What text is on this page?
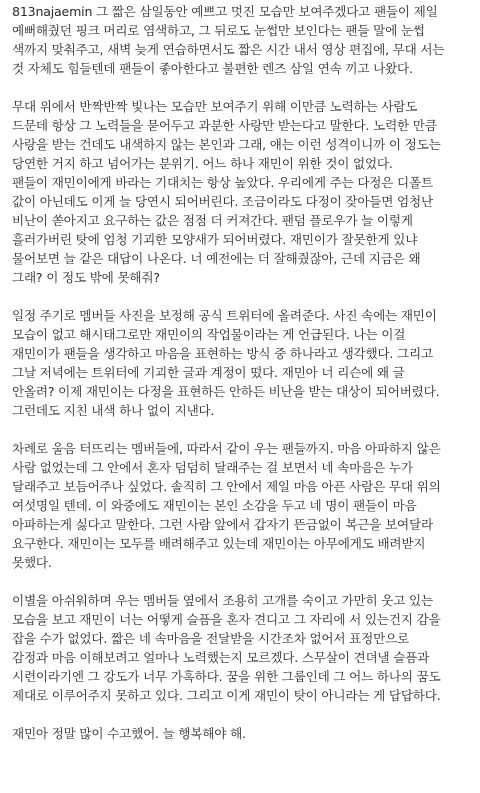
813najaemin 그 짧은 삼일동안 예쁘고 멋진 모습만 보여주겠다고 팬들이 제일
예뻐해줬던 핑크 머리로 염색하고, 그 뒤로도 눈썹만 보인다는 팬들 말에 눈썹
색까지 맞춰주고, 새벽 늦게 연습하면서도 짧은 시간 내서 영상 편집에, 무대 서는
것 자체도 힘들텐데 팬들이 좋아한다고 불편한 렌즈 삼일 연속 끼고 나왔다.
무대 위에서 반짝반짝 빛나는 모습만 보여주기 위해 이만큼 노력하는 사람도
드문데 항상 그 노력들을 묻어두고 과분한 사랑만 받는다고 말한다. 노력한 만큼
사랑을 받는 건데도 내색하지 않는 본인과 그래, 얘는 이런 성격이니까 이 정도는
당연한 거지 하고 넘어가는 분위기. 어느 하나 재민이 위한 것이 없었다.
팬들이 재민이에게 바라는 기대치는 항상 높았다. 우리에게 주는 다정은 디폴트
값이 아닌데도 이게 늘 당연시 되어버린다. 조금이라도 다정이 잦아들면 엄청난
비난이 쏟아지고 요구하는 값은 점점 더 커져간다. 팬덤 플로우가 늘 이렇게
흘러가버린 탓에 엄청 기괴한 모양새가 되어버렸다. 재민이가 잘못한게 있냐
물어보면 늘 같은 대답이 나온다. 너 예전에는 더 잘해줬잖아, 근데 지금은 왜
그래? 이 정도 밖에 못해줘?
일정 주기로 멤버들 사진을 보정해 공식 트위터에 올려준다. 사진 속에는 재민이
모습이 없고 해시태그로만 재민이의 작업물이라는 게 언급된다. 나는 이걸
재민이가 팬들을 생각하고 마음을 표현하는 방식 중 하나라고 생각했다. 그리고
그날 저녁에는 트위터에 기괴한 글과 계정이 떴다. 재민아 너 리슨에 왜 글
안올려? 이제 재민이는 다정을 표현하든 안하든 비난을 받는 대상이 되어버렸다.
그런데도 지친 내색 하나 없이 지낸다.
차례로 울음 터뜨리는 멤버들에, 따라서 같이 우는 팬들까지. 마음 아파하지 않은
사람 없었는데 그 안에서 혼자 덤덤히 달래주는 걸 보면서 네 속마음은 누가
달래주고 보듬어주나 싶었다. 솔직히 그 안에서 제일 마음 아픈 사람은 무대 위의
여섯명일 텐데. 이 와중에도 재민이는 본인 소감을 두고 네 명이 팬들이 마음
아파하는게 싫다고 말한다. 그런 사람 앞에서 갑자기 뜬금없이 복근을 보여달라
요구한다. 재민이는 모두를 배려해주고 있는데 재민이는 아무에게도 배려받지
못했다.
이별을 아쉬워하며 우는 멤버들 옆에서 조용히 고개를 숙이고 가만히 웃고 있는
모습을 보고 재민이 너는 어떻게 슬픔을 혼자 견디고 그 자리에 서 있는건지 감을
잡을 수가 없었다. 짧은 네 속마음을 전달받을 시간조차 없어서 표정만으로
감정과 마음 이해보려고 얼마나 노력했는지 모르겠다. 스무살이 견뎌낼 슬픔과
시련이라기엔 그 강도가 너무 가혹하다. 꿈을 위한 그룹인데 그 어느 하나의 꿈도
제대로 이루어주지 못하고 있다. 그리고 이게 재민이 탓이 아니라는 게 답답하다.
재민아 정말 많이 수고했어. 늘 행복해야 해.
